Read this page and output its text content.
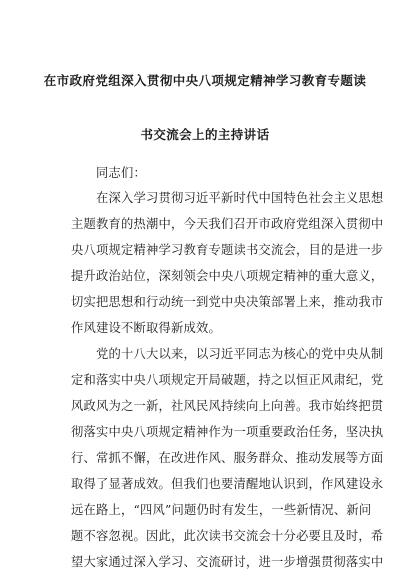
在市政府党组深入贯彻中央八项规定精神学习教育专题读
书交流会上的主持讲话
同志们：
在深入学习贯彻习近平新时代中国特色社会主义思想
主题教育的热潮中，今天我们召开市政府党组深入贯彻中
央八项规定精神学习教育专题读书交流会，目的是进一步
提升政治站位，深刻领会中央八项规定精神的重大意义，
切实把思想和行动统一到党中央决策部署上来，推动我市
作风建设不断取得新成效。
党的十八大以来，以习近平同志为核心的党中央从制
定和落实中央八项规定开局破题，持之以恒正风肃纪，党
风政风为之一新，社风民风持续向上向善。我市始终把贯
彻落实中央八项规定精神作为一项重要政治任务，坚决执
行、常抓不懈，在改进作风、服务群众、推动发展等方面
取得了显著成效。但我们也要清醒地认识到，作风建设永
远在路上，“四风”问题仍时有发生，一些新情况、新问
题不容忽视。因此，此次读书交流会十分必要且及时，希
望大家通过深入学习、交流研讨，进一步增强贯彻落实中
